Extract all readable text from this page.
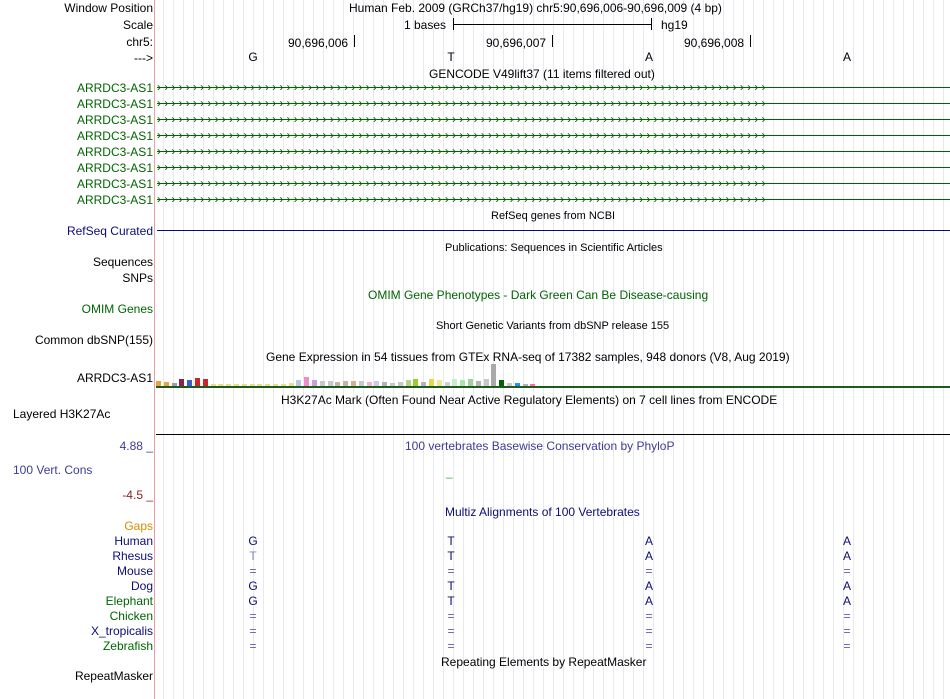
Window Position	Human Feb. 2009 (GRCh37/hg19) chr5:90,696,006-90,696,009 (4 bp)
Scale	1 bases	hg19
chr5:	90,696,006	90,696,007	90,696,008
--->	G	T	A	A
GENCODE V49lift37 (11 items filtered out)
ARRDC3-AS1 ›››››››››››››››››››››››››››››››››››››››››››››››››››››››››››››››››››››››››››››››››››››
ARRDC3-AS1 ›››››››››››››››››››››››››››››››››››››››››››››››››››››››››››››››››››››››››››››››››››››
ARRDC3-AS1 ›››››››››››››››››››››››››››››››››››››››››››››››››››››››››››››››››››››››››››››››››››››
ARRDC3-AS1 ›››››››››››››››››››››››››››››››››››››››››››››››››››››››››››››››››››››››››››››››››››››
ARRDC3-AS1 ›››››››››››››››››››››››››››››››››››››››››››››››››››››››››››››››››››››››››››››››››››››
ARRDC3-AS1 ›››››››››››››››››››››››››››››››››››››››››››››››››››››››››››››››››››››››››››››››››››››
ARRDC3-AS1 ›››››››››››››››››››››››››››››››››››››››››››››››››››››››››››››››››››››››››››››››››››››
ARRDC3-AS1 ›››››››››››››››››››››››››››››››››››››››››››››››››››››››››››››››››››››››››››››››››››››
RefSeq genes from NCBI
RefSeq Curated
Publications: Sequences in Scientific Articles
Sequences
SNPs
OMIM Gene Phenotypes - Dark Green Can Be Disease-causing
OMIM Genes
Short Genetic Variants from dbSNP release 155
Common dbSNP(155)
Gene Expression in 54 tissues from GTEx RNA-seq of 17382 samples, 948 donors (V8, Aug 2019)
ARRDC3-AS1
H3K27Ac Mark (Often Found Near Active Regulatory Elements) on 7 cell lines from ENCODE
Layered H3K27Ac
100 vertebrates Basewise Conservation by PhyloP
4.88 _
100 Vert. Cons	_
-4.5 _
Multiz Alignments of 100 Vertebrates
Gaps
Human	G	T	A	A
Rhesus	T	T	A	A
Mouse	=	=	=	=
Dog	G	T	A	A
Elephant	G	T	A	A
Chicken	=	=	=	=
X_tropicalis	=	=	=	=
Zebrafish	=	=	=	=
Repeating Elements by RepeatMasker
RepeatMasker
